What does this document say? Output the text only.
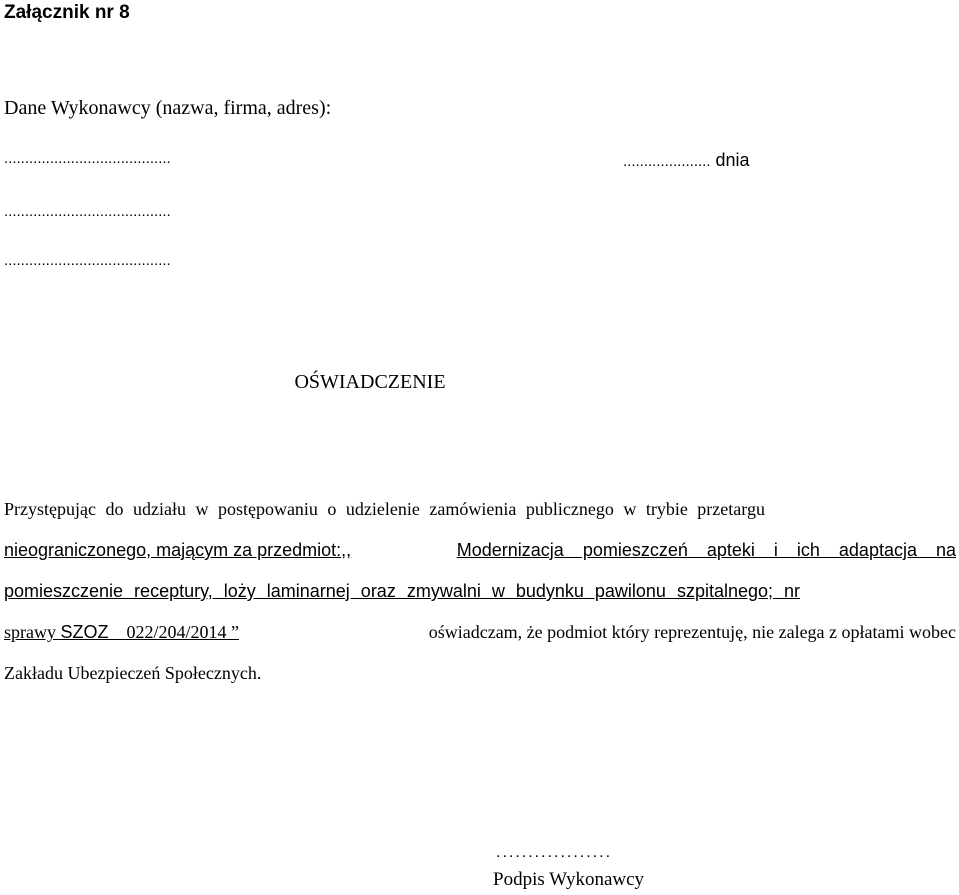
Załącznik nr 8
Dane Wykonawcy (nazwa, firma, adres):
........................................	..................... dnia
........................................
........................................
OŚWIADCZENIE
Przystępując do udziału w postępowaniu o udzielenie zamówienia publicznego w trybie przetargu
nieograniczonego, mającym za przedmiot:,,	Modernizacja pomieszczeń apteki i ich adaptacja na
pomieszczenie receptury, loży laminarnej oraz zmywalni w budynku pawilonu szpitalnego; nr
sprawy SZOZ 022/204/2014 ”	oświadczam, że podmiot który reprezentuję, nie zalega z opłatami wobec
Zakładu Ubezpieczeń Społecznych.
..................
Podpis Wykonawcy
